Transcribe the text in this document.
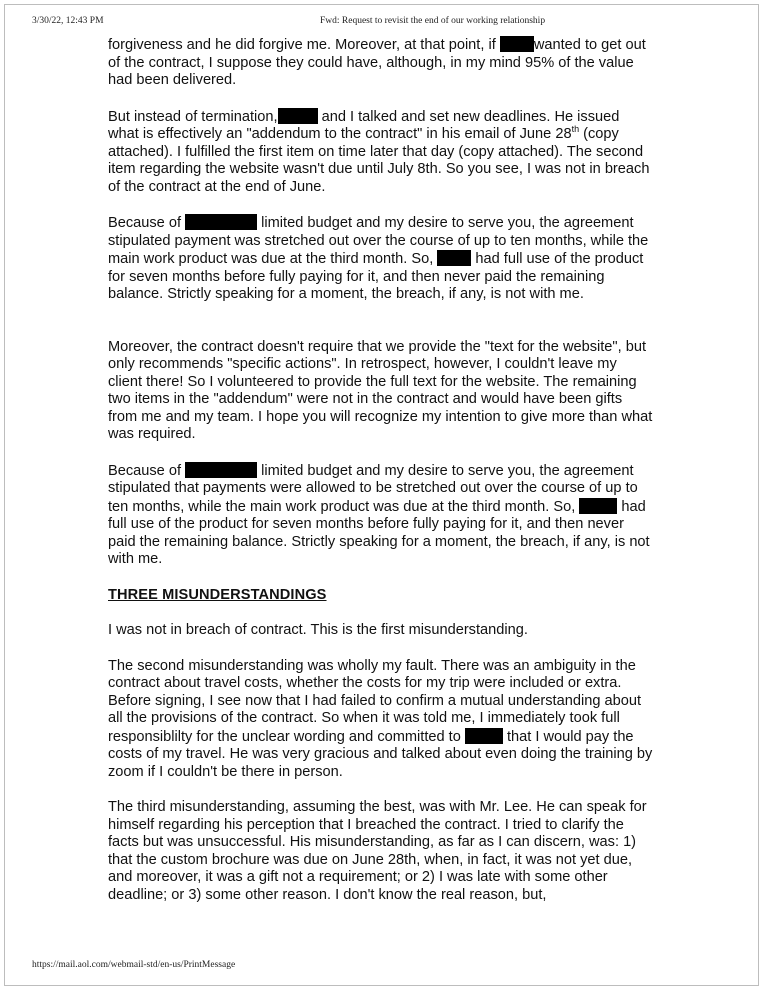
3/30/22, 12:43 PM	Fwd: Request to revisit the end of our working relationship

forgiveness and he did forgive me. Moreover, at that point, if	wanted to get out of the contract, I suppose they could have, although, in my mind 95% of the value had been delivered.

But instead of termination,	and I talked and set new deadlines. He issued what is effectively an "addendum to the contract" in his email of June 28th (copy attached). I fulfilled the first item on time later that day (copy attached). The second item regarding the website wasn't due until July 8th. So you see, I was not in breach of the contract at the end of June.

Because of	limited budget and my desire to serve you, the agreement stipulated payment was stretched out over the course of up to ten months, while the main work product was due at the third month. So,	had full use of the product for seven months before fully paying for it, and then never paid the remaining balance. Strictly speaking for a moment, the breach, if any, is not with me.

Moreover, the contract doesn't require that we provide the "text for the website", but only recommends "specific actions". In retrospect, however, I couldn't leave my client there! So I volunteered to provide the full text for the website. The remaining two items in the "addendum" were not in the contract and would have been gifts from me and my team. I hope you will recognize my intention to give more than what was required.

Because of	limited budget and my desire to serve you, the agreement stipulated that payments were allowed to be stretched out over the course of up to ten months, while the main work product was due at the third month. So,	had full use of the product for seven months before fully paying for it, and then never paid the remaining balance. Strictly speaking for a moment, the breach, if any, is not with me.

THREE MISUNDERSTANDINGS

I was not in breach of contract. This is the first misunderstanding.

The second misunderstanding was wholly my fault. There was an ambiguity in the contract about travel costs, whether the costs for my trip were included or extra. Before signing, I see now that I had failed to confirm a mutual understanding about all the provisions of the contract. So when it was told me, I immediately took full responsiblilty for the unclear wording and committed to	that I would pay the costs of my travel. He was very gracious and talked about even doing the training by zoom if I couldn't be there in person.

The third misunderstanding, assuming the best, was with Mr. Lee. He can speak for himself regarding his perception that I breached the contract. I tried to clarify the facts but was unsuccessful. His misunderstanding, as far as I can discern, was: 1) that the custom brochure was due on June 28th, when, in fact, it was not yet due, and moreover, it was a gift not a requirement; or 2) I was late with some other deadline; or 3) some other reason. I don't know the real reason, but,

https://mail.aol.com/webmail-std/en-us/PrintMessage
